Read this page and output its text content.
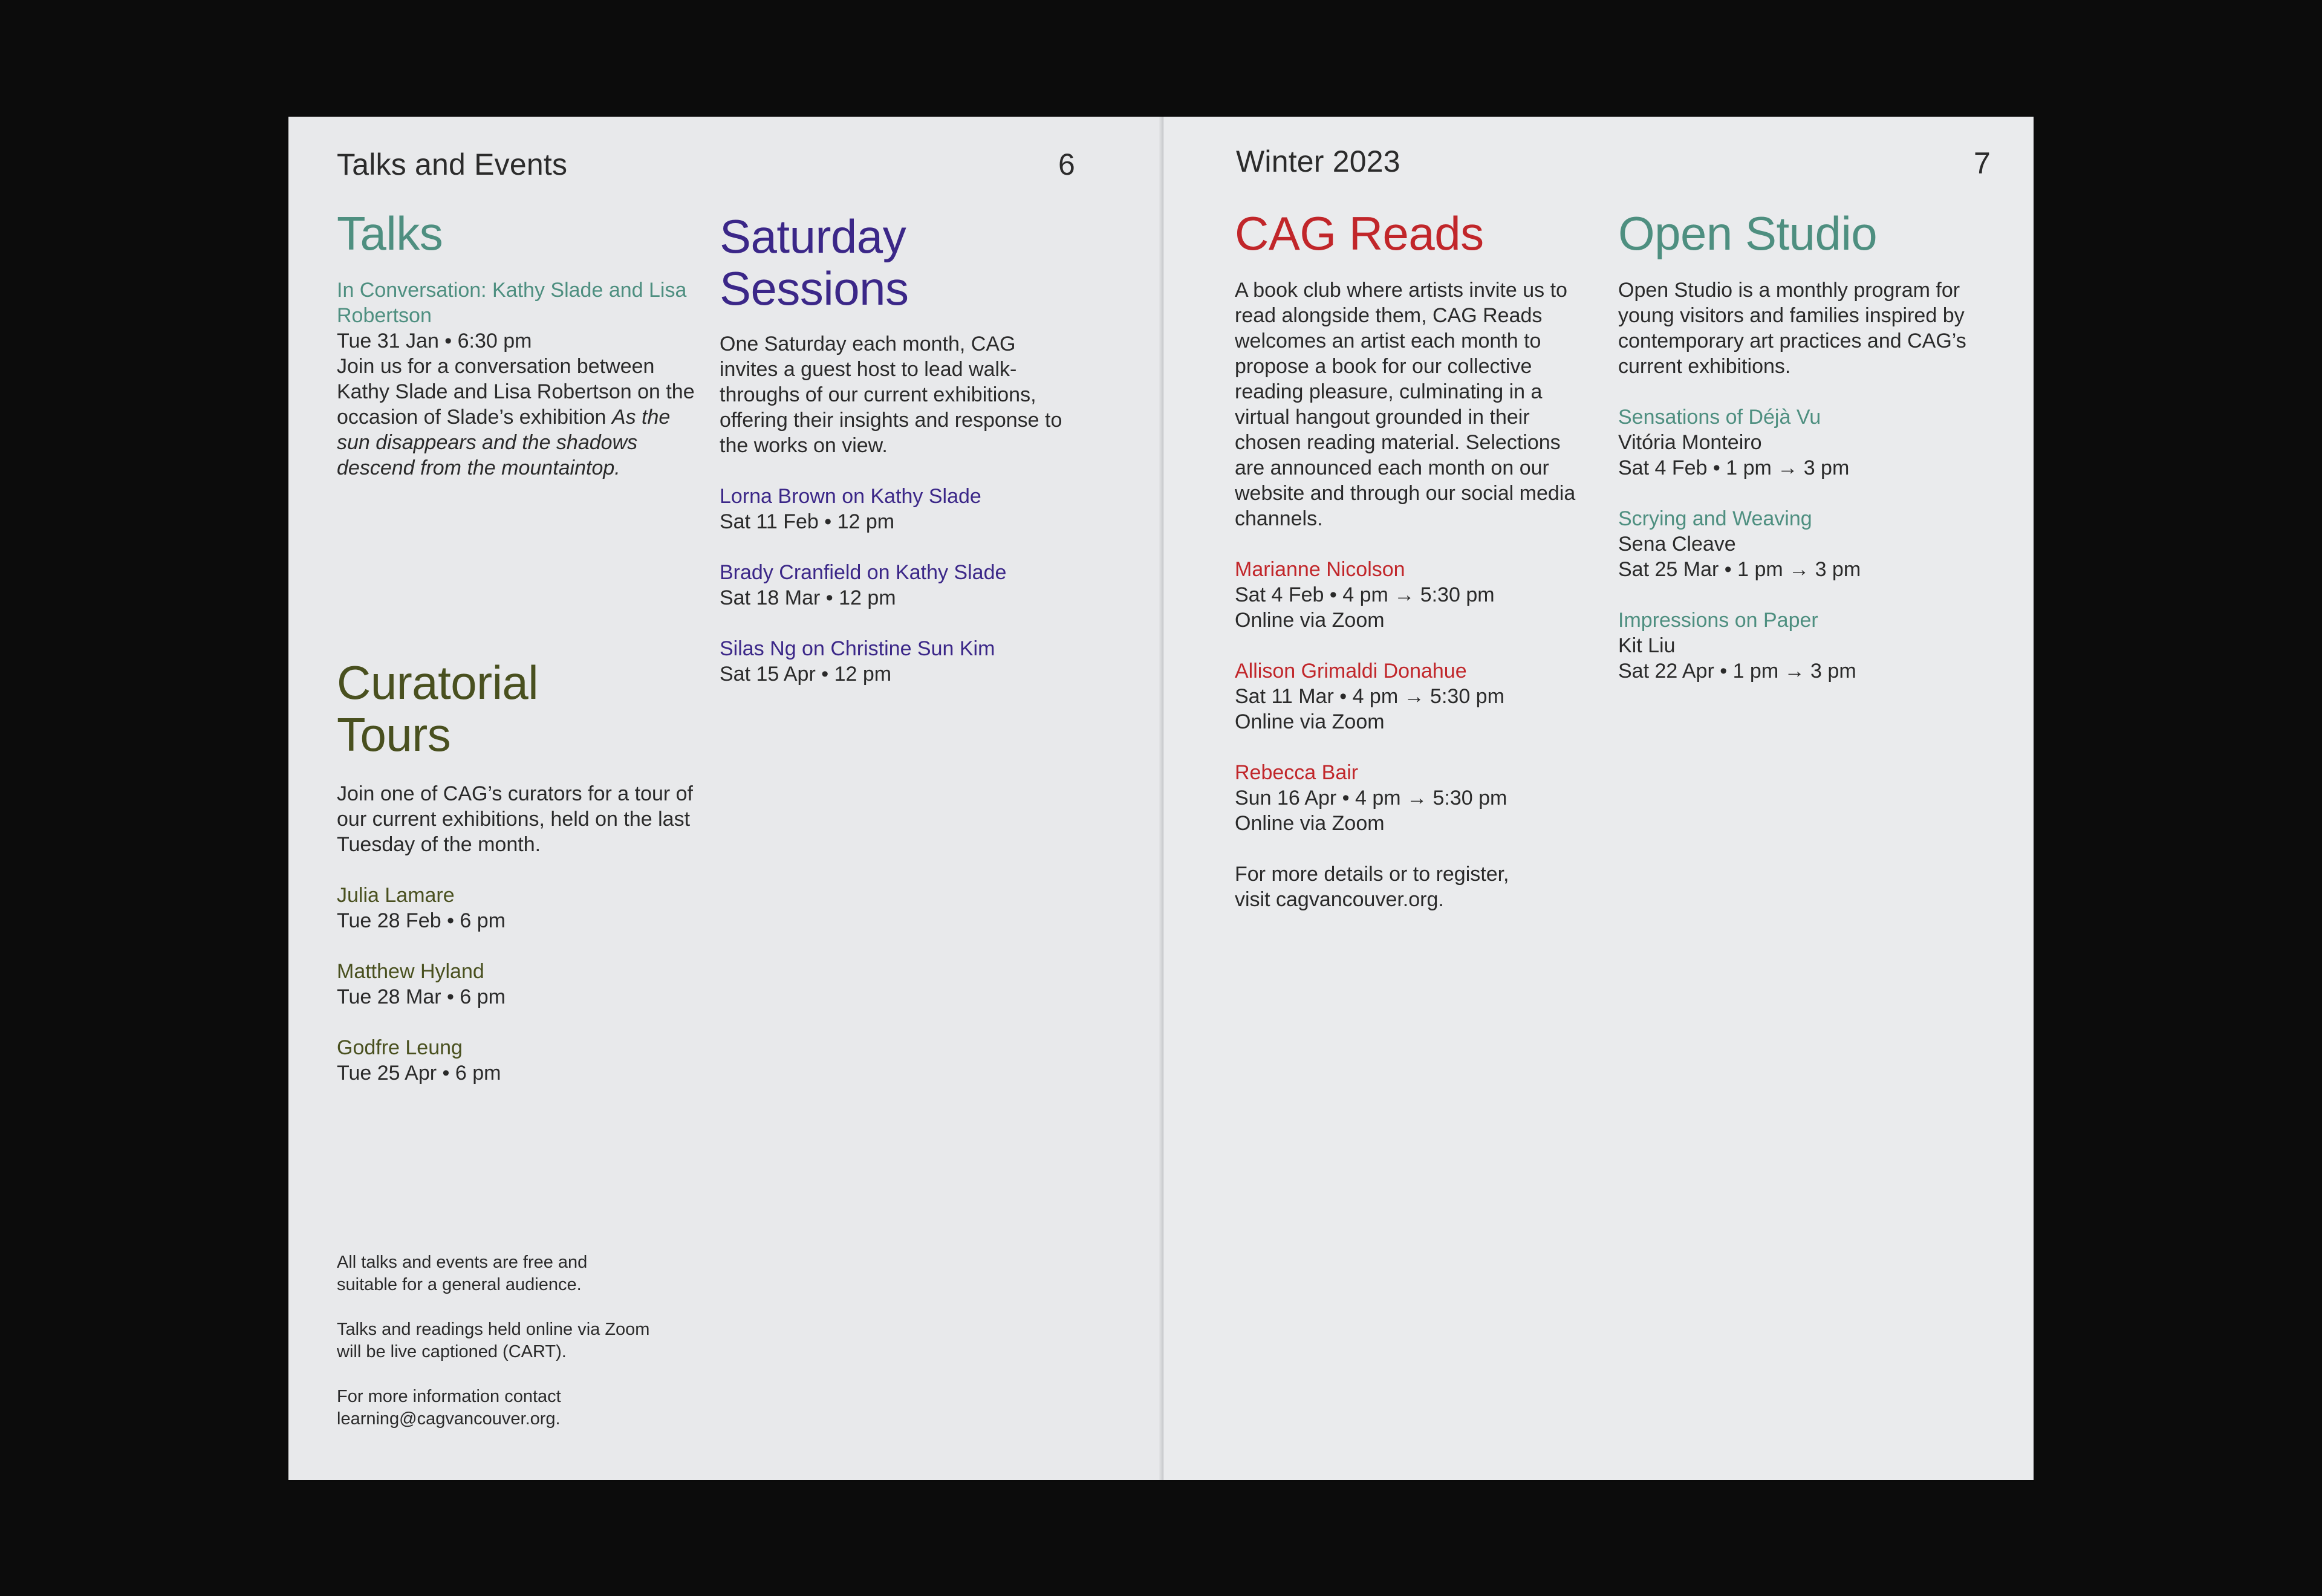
Talks and Events	6
Talks
In Conversation: Kathy Slade and Lisa Robertson
Tue 31 Jan • 6:30 pm
Join us for a conversation between Kathy Slade and Lisa Robertson on the occasion of Slade’s exhibition As the sun disappears and the shadows descend from the mountaintop.
Curatorial
Tours
Join one of CAG’s curators for a tour of our current exhibitions, held on the last Tuesday of the month.
Julia Lamare
Tue 28 Feb • 6 pm
Matthew Hyland
Tue 28 Mar • 6 pm
Godfre Leung
Tue 25 Apr • 6 pm
Saturday
Sessions
One Saturday each month, CAG invites a guest host to lead walk-throughs of our current exhibitions, offering their insights and response to the works on view.
Lorna Brown on Kathy Slade
Sat 11 Feb • 12 pm
Brady Cranfield on Kathy Slade
Sat 18 Mar • 12 pm
Silas Ng on Christine Sun Kim
Sat 15 Apr • 12 pm
All talks and events are free and suitable for a general audience.
Talks and readings held online via Zoom will be live captioned (CART).
For more information contact learning@cagvancouver.org.
Winter 2023	7
CAG Reads
A book club where artists invite us to read alongside them, CAG Reads welcomes an artist each month to propose a book for our collective reading pleasure, culminating in a virtual hangout grounded in their chosen reading material. Selections are announced each month on our website and through our social media channels.
Marianne Nicolson
Sat 4 Feb • 4 pm → 5:30 pm
Online via Zoom
Allison Grimaldi Donahue
Sat 11 Mar • 4 pm → 5:30 pm
Online via Zoom
Rebecca Bair
Sun 16 Apr • 4 pm → 5:30 pm
Online via Zoom
For more details or to register, visit cagvancouver.org.
Open Studio
Open Studio is a monthly program for young visitors and families inspired by contemporary art practices and CAG’s current exhibitions.
Sensations of Déjà Vu
Vitória Monteiro
Sat 4 Feb • 1 pm → 3 pm
Scrying and Weaving
Sena Cleave
Sat 25 Mar • 1 pm → 3 pm
Impressions on Paper
Kit Liu
Sat 22 Apr • 1 pm → 3 pm
